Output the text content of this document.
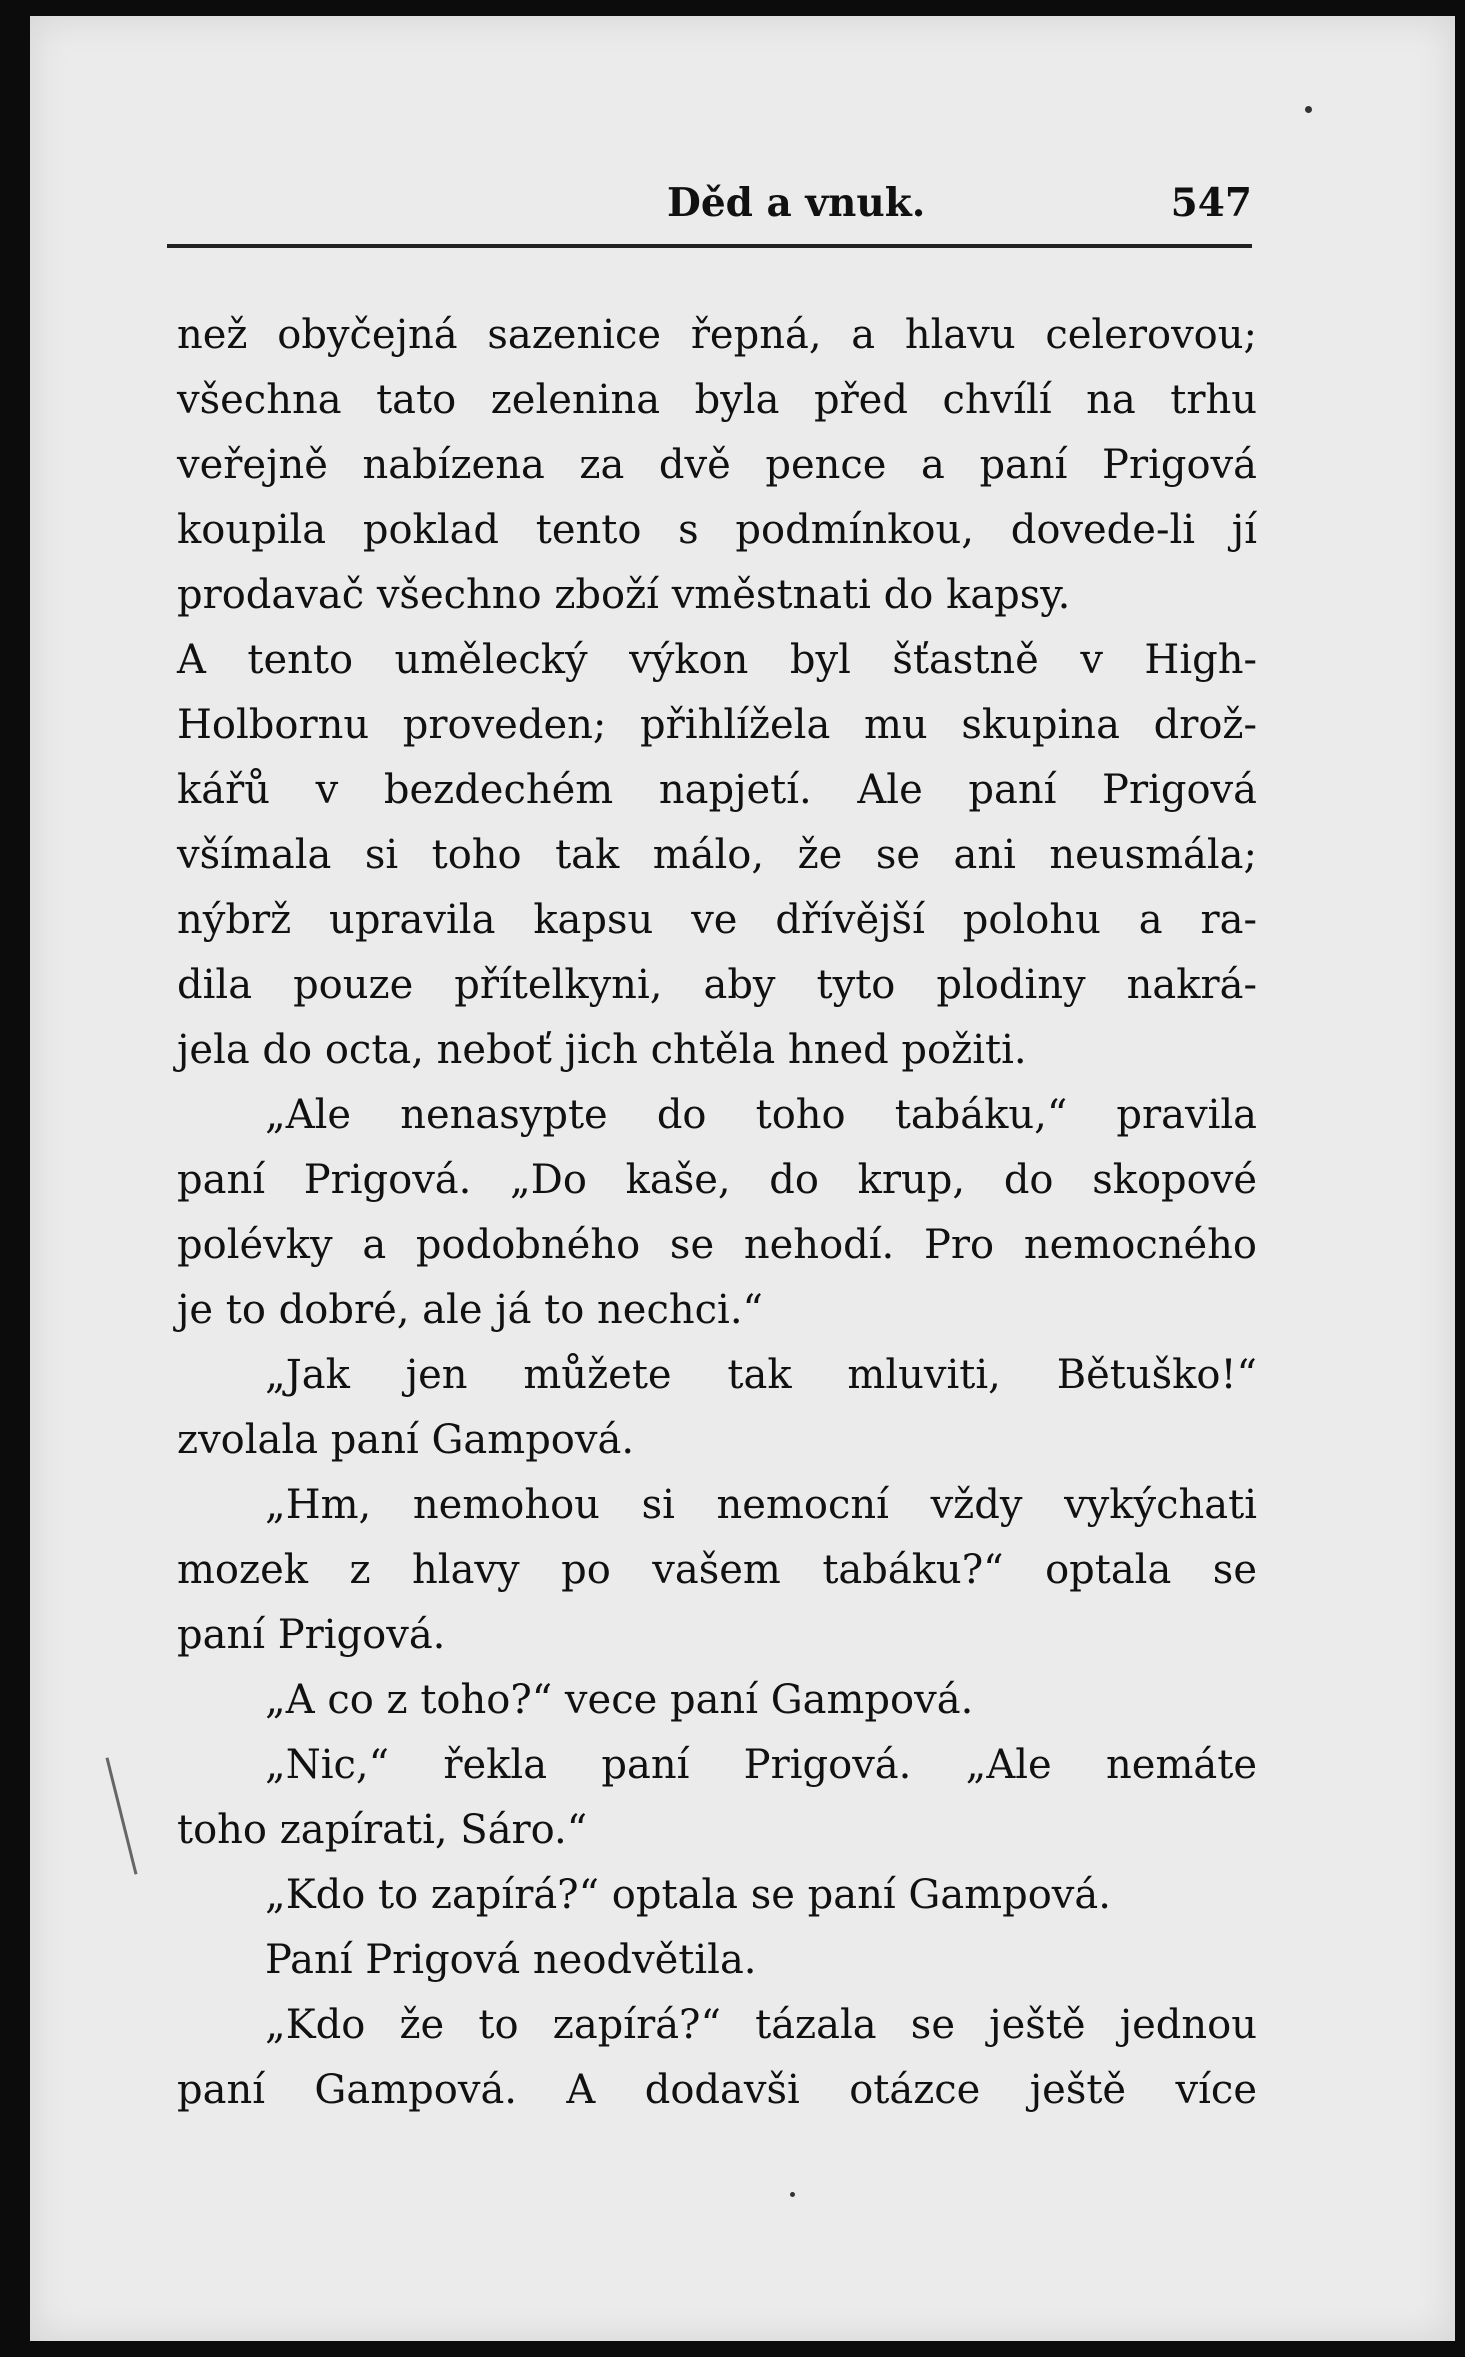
Děd a vnuk.	547
než obyčejná sazenice řepná, a hlavu celerovou;
všechna tato zelenina byla před chvílí na trhu
veřejně nabízena za dvě pence a paní Prigová
koupila poklad tento s podmínkou, dovede-li jí
prodavač všechno zboží vměstnati do kapsy.
A tento umělecký výkon byl šťastně v High-
Holbornu proveden; přihlížela mu skupina drož-
kářů v bezdechém napjetí. Ale paní Prigová
všímala si toho tak málo, že se ani neusmála;
nýbrž upravila kapsu ve dřívější polohu a ra-
dila pouze přítelkyni, aby tyto plodiny nakrá-
jela do octa, neboť jich chtěla hned požiti.
„Ale nenasypte do toho tabáku,“ pravila
paní Prigová. „Do kaše, do krup, do skopové
polévky a podobného se nehodí. Pro nemocného
je to dobré, ale já to nechci.“
„Jak jen můžete tak mluviti, Bětuško!“
zvolala paní Gampová.
„Hm, nemohou si nemocní vždy vykýchati
mozek z hlavy po vašem tabáku?“ optala se
paní Prigová.
„A co z toho?“ vece paní Gampová.
„Nic,“ řekla paní Prigová. „Ale nemáte
toho zapírati, Sáro.“
„Kdo to zapírá?“ optala se paní Gampová.
Paní Prigová neodvětila.
„Kdo že to zapírá?“ tázala se ještě jednou
paní Gampová. A dodavši otázce ještě více
